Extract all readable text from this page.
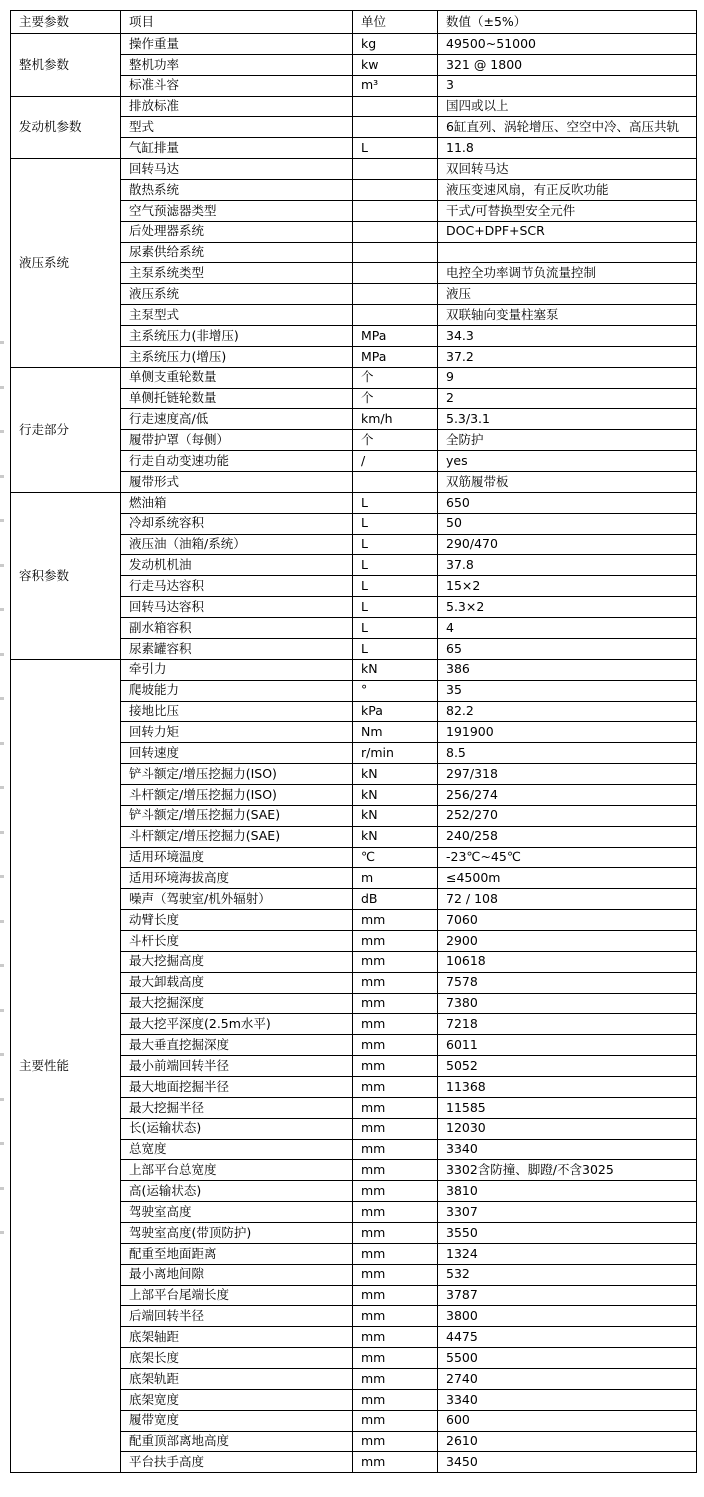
主要参数	项目	单位	数值（±5%）
整机参数	操作重量	kg	49500~51000
	整机功率	kw	321 @ 1800
	标准斗容	m³	3
发动机参数	排放标准		国四或以上
	型式		6缸直列、涡轮增压、空空中冷、高压共轨
	气缸排量	L	11.8
液压系统	回转马达		双回转马达
	散热系统		液压变速风扇，有正反吹功能
	空气预滤器类型		干式/可替换型安全元件
	后处理器系统		DOC+DPF+SCR
	尿素供给系统		
	主泵系统类型		电控全功率调节负流量控制
	液压系统		液压
	主泵型式		双联轴向变量柱塞泵
	主系统压力(非增压)	MPa	34.3
	主系统压力(增压)	MPa	37.2
行走部分	单侧支重轮数量	个	9
	单侧托链轮数量	个	2
	行走速度高/低	km/h	5.3/3.1
	履带护罩（每侧）	个	全防护
	行走自动变速功能	/	yes
	履带形式		双筋履带板
容积参数	燃油箱	L	650
	冷却系统容积	L	50
	液压油（油箱/系统）	L	290/470
	发动机机油	L	37.8
	行走马达容积	L	15×2
	回转马达容积	L	5.3×2
	副水箱容积	L	4
	尿素罐容积	L	65
主要性能	牵引力	kN	386
	爬坡能力	°	35
	接地比压	kPa	82.2
	回转力矩	Nm	191900
	回转速度	r/min	8.5
	铲斗额定/增压挖掘力(ISO)	kN	297/318
	斗杆额定/增压挖掘力(ISO)	kN	256/274
	铲斗额定/增压挖掘力(SAE)	kN	252/270
	斗杆额定/增压挖掘力(SAE)	kN	240/258
	适用环境温度	℃	-23℃~45℃
	适用环境海拔高度	m	≤4500m
	噪声（驾驶室/机外辐射）	dB	72 / 108
	动臂长度	mm	7060
	斗杆长度	mm	2900
	最大挖掘高度	mm	10618
	最大卸载高度	mm	7578
	最大挖掘深度	mm	7380
	最大挖平深度(2.5m水平)	mm	7218
	最大垂直挖掘深度	mm	6011
	最小前端回转半径	mm	5052
	最大地面挖掘半径	mm	11368
	最大挖掘半径	mm	11585
	长(运输状态)	mm	12030
	总宽度	mm	3340
	上部平台总宽度	mm	3302含防撞、脚蹬/不含3025
	高(运输状态)	mm	3810
	驾驶室高度	mm	3307
	驾驶室高度(带顶防护)	mm	3550
	配重至地面距离	mm	1324
	最小离地间隙	mm	532
	上部平台尾端长度	mm	3787
	后端回转半径	mm	3800
	底架轴距	mm	4475
	底架长度	mm	5500
	底架轨距	mm	2740
	底架宽度	mm	3340
	履带宽度	mm	600
	配重顶部离地高度	mm	2610
	平台扶手高度	mm	3450
